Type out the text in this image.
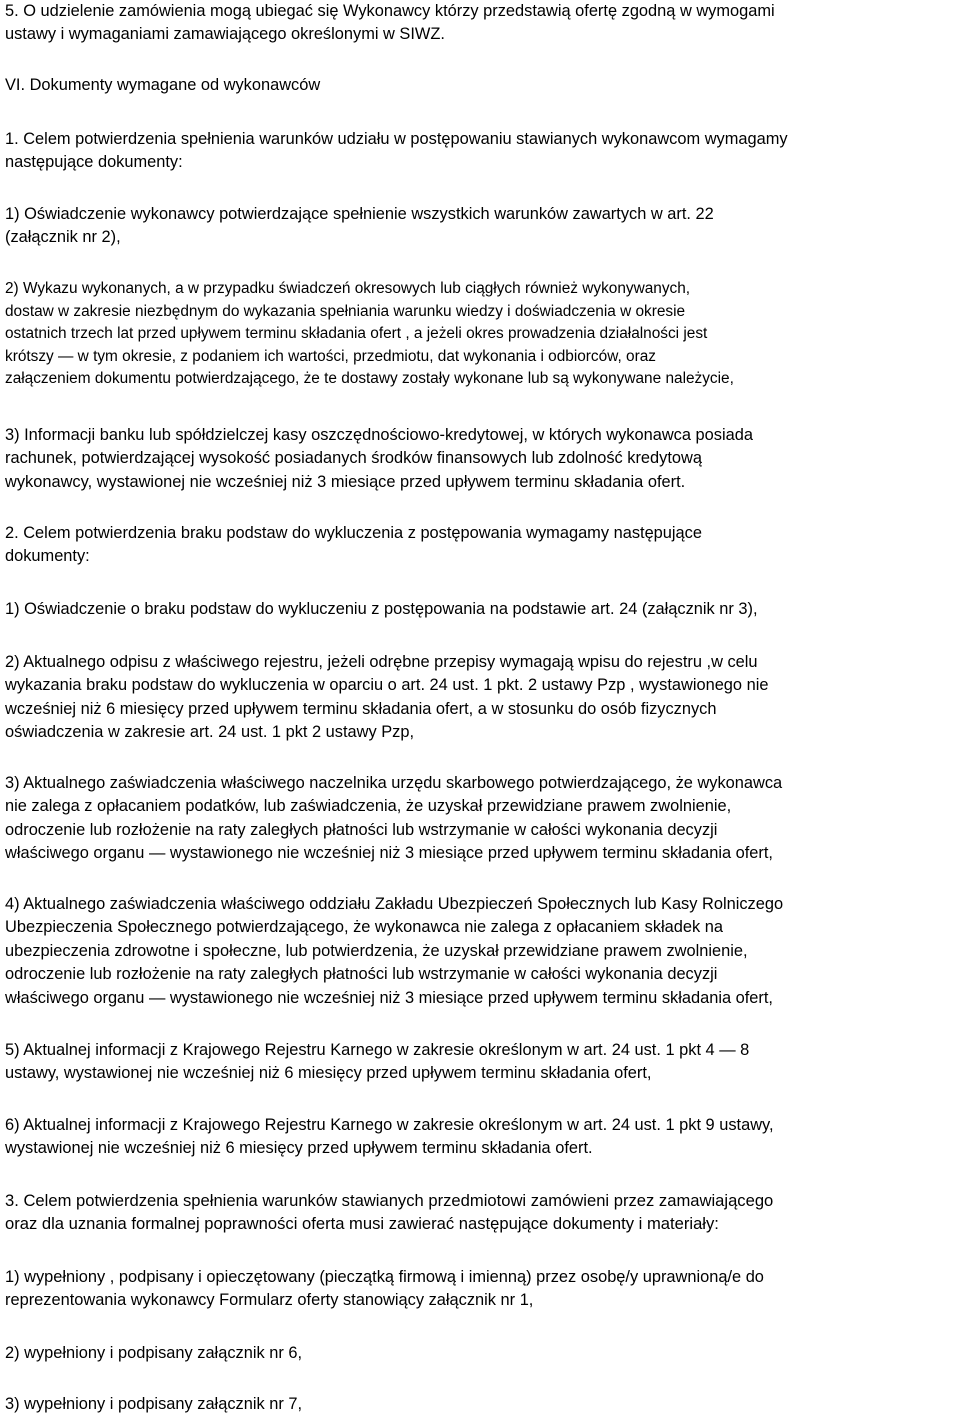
5. O udzielenie zamówienia mogą ubiegać się Wykonawcy którzy przedstawią ofertę zgodną w wymogami
ustawy i wymaganiami zamawiającego określonymi w SIWZ.

VI. Dokumenty wymagane od wykonawców

1. Celem potwierdzenia spełnienia warunków udziału w postępowaniu stawianych wykonawcom wymagamy
następujące dokumenty:

1) Oświadczenie wykonawcy potwierdzające spełnienie wszystkich warunków zawartych w art. 22
(załącznik nr 2),

2) Wykazu wykonanych, a w przypadku świadczeń okresowych lub ciągłych również wykonywanych,
dostaw w zakresie niezbędnym do wykazania spełniania warunku wiedzy i doświadczenia w okresie
ostatnich trzech lat przed upływem terminu składania ofert , a jeżeli okres prowadzenia działalności jest
krótszy — w tym okresie, z podaniem ich wartości, przedmiotu, dat wykonania i odbiorców, oraz
załączeniem dokumentu potwierdzającego, że te dostawy zostały wykonane lub są wykonywane należycie,

3) Informacji banku lub spółdzielczej kasy oszczędnościowo-kredytowej, w których wykonawca posiada
rachunek, potwierdzającej wysokość posiadanych środków finansowych lub zdolność kredytową
wykonawcy, wystawionej nie wcześniej niż 3 miesiące przed upływem terminu składania ofert.

2. Celem potwierdzenia braku podstaw do wykluczenia z postępowania wymagamy następujące
dokumenty:

1) Oświadczenie o braku podstaw do wykluczeniu z postępowania na podstawie art. 24 (załącznik nr 3),

2) Aktualnego odpisu z właściwego rejestru, jeżeli odrębne przepisy wymagają wpisu do rejestru ,w celu
wykazania braku podstaw do wykluczenia w oparciu o art. 24 ust. 1 pkt. 2 ustawy Pzp , wystawionego nie
wcześniej niż 6 miesięcy przed upływem terminu składania ofert, a w stosunku do osób fizycznych
oświadczenia w zakresie art. 24 ust. 1 pkt 2 ustawy Pzp,

3) Aktualnego zaświadczenia właściwego naczelnika urzędu skarbowego potwierdzającego, że wykonawca
nie zalega z opłacaniem podatków, lub zaświadczenia, że uzyskał przewidziane prawem zwolnienie,
odroczenie lub rozłożenie na raty zaległych płatności lub wstrzymanie w całości wykonania decyzji
właściwego organu — wystawionego nie wcześniej niż 3 miesiące przed upływem terminu składania ofert,

4) Aktualnego zaświadczenia właściwego oddziału Zakładu Ubezpieczeń Społecznych lub Kasy Rolniczego
Ubezpieczenia Społecznego potwierdzającego, że wykonawca nie zalega z opłacaniem składek na
ubezpieczenia zdrowotne i społeczne, lub potwierdzenia, że uzyskał przewidziane prawem zwolnienie,
odroczenie lub rozłożenie na raty zaległych płatności lub wstrzymanie w całości wykonania decyzji
właściwego organu — wystawionego nie wcześniej niż 3 miesiące przed upływem terminu składania ofert,

5) Aktualnej informacji z Krajowego Rejestru Karnego w zakresie określonym w art. 24 ust. 1 pkt 4 — 8
ustawy, wystawionej nie wcześniej niż 6 miesięcy przed upływem terminu składania ofert,

6) Aktualnej informacji z Krajowego Rejestru Karnego w zakresie określonym w art. 24 ust. 1 pkt 9 ustawy,
wystawionej nie wcześniej niż 6 miesięcy przed upływem terminu składania ofert.

3. Celem potwierdzenia spełnienia warunków stawianych przedmiotowi zamówieni przez zamawiającego
oraz dla uznania formalnej poprawności oferta musi zawierać następujące dokumenty i materiały:

1) wypełniony , podpisany i opieczętowany (pieczątką firmową i imienną) przez osobę/y uprawnioną/e do
reprezentowania wykonawcy Formularz oferty stanowiący załącznik nr 1,

2) wypełniony i podpisany załącznik nr 6,

3) wypełniony i podpisany załącznik nr 7,
